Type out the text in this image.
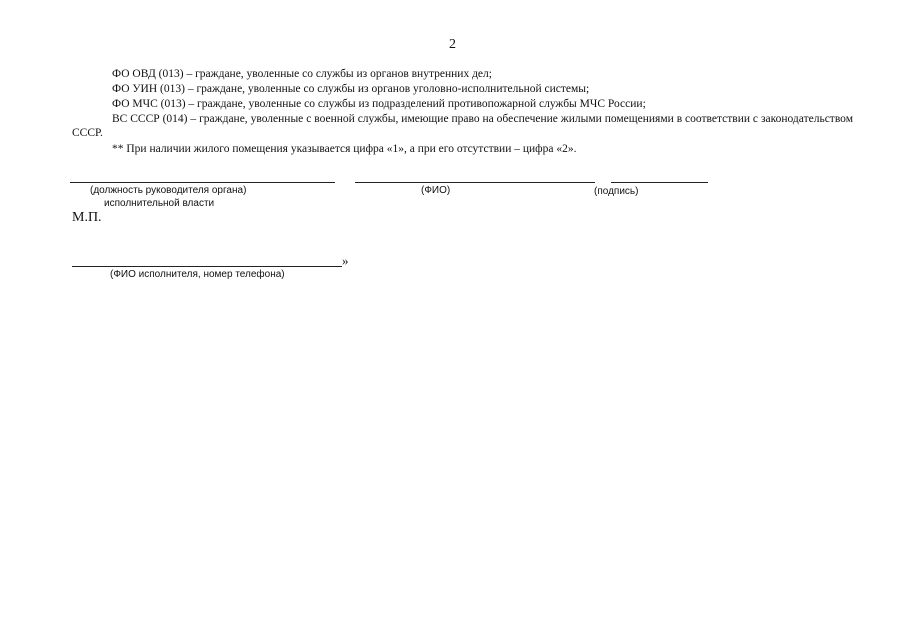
2
ФО ОВД (013) – граждане, уволенные со службы из органов внутренних дел;
ФО УИН (013) – граждане, уволенные со службы из органов уголовно-исполнительной системы;
ФО МЧС (013) – граждане, уволенные со службы из подразделений противопожарной службы МЧС России;
ВС СССР (014) – граждане, уволенные с военной службы, имеющие право на обеспечение жилыми помещениями в соответствии с законодательством СССР.
** При наличии жилого помещения указывается цифра «1», а при его отсутствии – цифра «2».
(должность руководителя органа)
исполнительной власти
(ФИО)	(подпись)
М.П.
»
(ФИО исполнителя, номер телефона)
